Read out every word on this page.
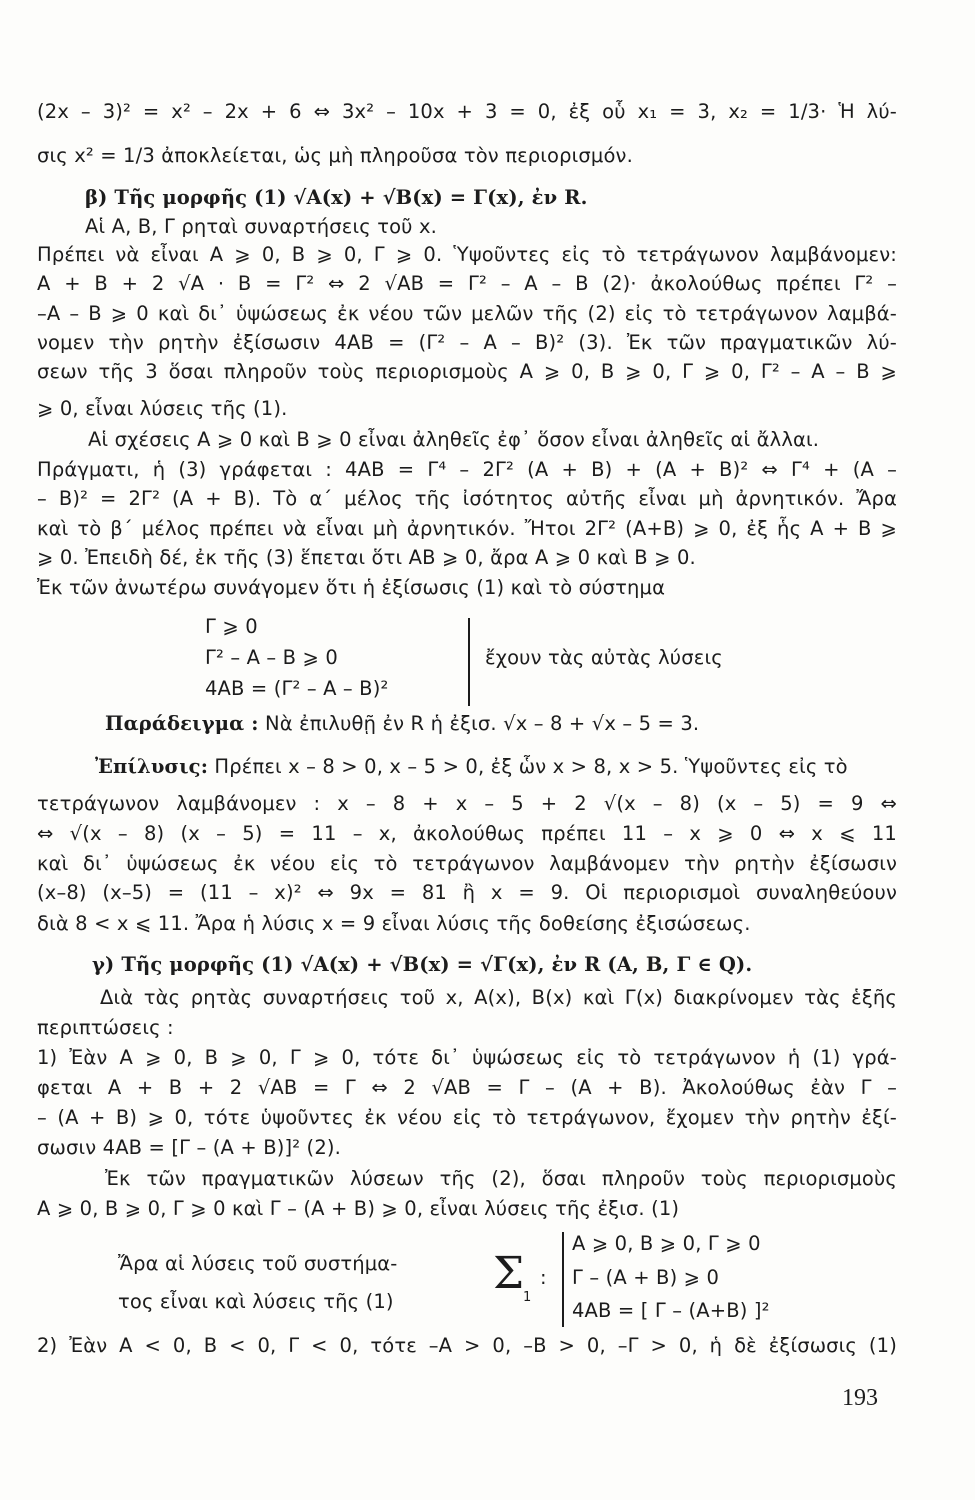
(2x – 3)² = x² – 2x + 6 ⇔ 3x² – 10x + 3 = 0, ἐξ οὗ x₁ = 3, x₂ = 1/3· Ἡ λύ-
σις x² = 1/3 ἀποκλείεται, ὡς μὴ πληροῦσα τὸν περιορισμόν.
β) Τῆς μορφῆς (1) √A(x) + √B(x) = Γ(x), ἐν R.
Αἱ Α, Β, Γ ρηταὶ συναρτήσεις τοῦ x.
Πρέπει νὰ εἶναι A ⩾ 0, B ⩾ 0, Γ ⩾ 0. Ὑψοῦντες εἰς τὸ τετράγωνον λαμβάνομεν:
A + B + 2 √A · B = Γ² ⇔ 2 √AB = Γ² – A – B (2)· ἀκολούθως πρέπει Γ² –
–A – B ⩾ 0 καὶ δι᾿ ὑψώσεως ἐκ νέου τῶν μελῶν τῆς (2) εἰς τὸ τετράγωνον λαμβά-
νομεν τὴν ρητὴν ἐξίσωσιν 4AB = (Γ² – A – B)² (3). Ἐκ τῶν πραγματικῶν λύ-
σεων τῆς 3 ὅσαι πληροῦν τοὺς περιορισμοὺς A ⩾ 0, B ⩾ 0, Γ ⩾ 0, Γ² – A – B ⩾
⩾ 0, εἶναι λύσεις τῆς (1).
Αἱ σχέσεις A ⩾ 0 καὶ B ⩾ 0 εἶναι ἀληθεῖς ἐφ᾿ ὅσον εἶναι ἀληθεῖς αἱ ἄλλαι.
Πράγματι, ἡ (3) γράφεται : 4AB = Γ⁴ – 2Γ² (A + B) + (A + B)² ⇔ Γ⁴ + (A –
– B)² = 2Γ² (A + B). Τὸ α΄ μέλος τῆς ἰσότητος αὐτῆς εἶναι μὴ ἀρνητικόν. Ἄρα
καὶ τὸ β΄ μέλος πρέπει νὰ εἶναι μὴ ἀρνητικόν. Ἤτοι 2Γ² (A+B) ⩾ 0, ἐξ ἧς A + B ⩾
⩾ 0. Ἐπειδὴ δέ, ἐκ τῆς (3) ἕπεται ὅτι AB ⩾ 0, ἄρα A ⩾ 0 καὶ B ⩾ 0.
Ἐκ τῶν ἀνωτέρω συνάγομεν ὅτι ἡ ἐξίσωσις (1) καὶ τὸ σύστημα
Γ ⩾ 0
Γ² – A – B ⩾ 0
4AB = (Γ² – A – B)²
ἔχουν τὰς αὐτὰς λύσεις
Παράδειγμα : Νὰ ἐπιλυθῇ ἐν R ἡ ἐξισ. √x – 8 + √x – 5 = 3.
Ἐπίλυσις: Πρέπει x – 8 > 0, x – 5 > 0, ἐξ ὧν x > 8, x > 5. Ὑψοῦντες εἰς τὸ
τετράγωνον λαμβάνομεν : x – 8 + x – 5 + 2 √(x – 8) (x – 5) = 9 ⇔
⇔ √(x – 8) (x – 5) = 11 – x, ἀκολούθως πρέπει 11 – x ⩾ 0 ⇔ x ⩽ 11
καὶ δι᾿ ὑψώσεως ἐκ νέου εἰς τὸ τετράγωνον λαμβάνομεν τὴν ρητὴν ἐξίσωσιν
(x–8) (x–5) = (11 – x)² ⇔ 9x = 81 ἢ x = 9. Οἱ περιορισμοὶ συναληθεύουν
διὰ 8 < x ⩽ 11. Ἄρα ἡ λύσις x = 9 εἶναι λύσις τῆς δοθείσης ἐξισώσεως.
γ) Τῆς μορφῆς (1) √A(x) + √B(x) = √Γ(x), ἐν R (A, B, Γ ∈ Q).
Διὰ τὰς ρητὰς συναρτήσεις τοῦ x, A(x), B(x) καὶ Γ(x) διακρίνομεν τὰς ἑξῆς
περιπτώσεις :
1) Ἐὰν A ⩾ 0, B ⩾ 0, Γ ⩾ 0, τότε δι᾿ ὑψώσεως εἰς τὸ τετράγωνον ἡ (1) γρά-
φεται A + B + 2 √AB = Γ ⇔ 2 √AB = Γ – (A + B). Ἀκολούθως ἐὰν Γ –
– (A + B) ⩾ 0, τότε ὑψοῦντες ἐκ νέου εἰς τὸ τετράγωνον, ἔχομεν τὴν ρητὴν ἐξί-
σωσιν 4AB = [Γ – (A + B)]² (2).
Ἐκ τῶν πραγματικῶν λύσεων τῆς (2), ὅσαι πληροῦν τοὺς περιορισμοὺς
A ⩾ 0, B ⩾ 0, Γ ⩾ 0 καὶ Γ – (A + B) ⩾ 0, εἶναι λύσεις τῆς ἐξισ. (1)
Ἄρα αἱ λύσεις τοῦ συστήμα-
τος εἶναι καὶ λύσεις τῆς (1)
Σ
1
:
A ⩾ 0, B ⩾ 0, Γ ⩾ 0
Γ – (A + B) ⩾ 0
4AB = [ Γ – (A+B) ]²
2) Ἐὰν A < 0, B < 0, Γ < 0, τότε –A > 0, –B > 0, –Γ > 0, ἡ δὲ ἐξίσωσις (1)
193
